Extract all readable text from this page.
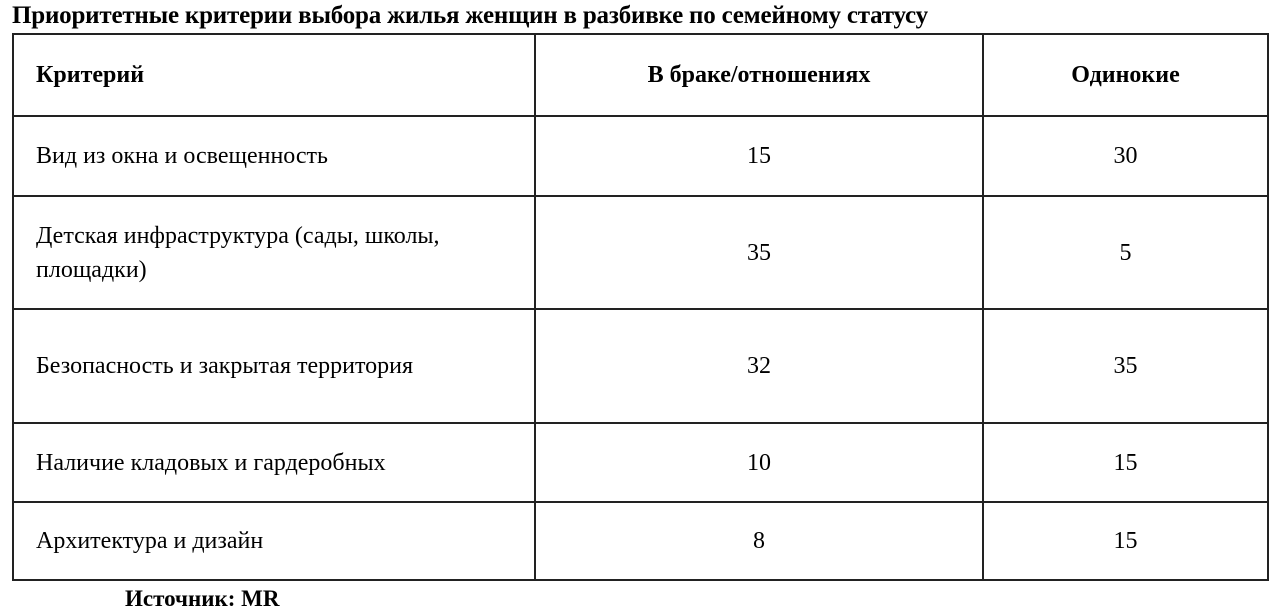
Приоритетные критерии выбора жилья женщин в разбивке по семейному статусу
Критерий	В браке/отношениях	Одинокие
Вид из окна и освещенность	15	30
Детская инфраструктура (сады, школы, площадки)	35	5
Безопасность и закрытая территория	32	35
Наличие кладовых и гардеробных	10	15
Архитектура и дизайн	8	15
Источник: MR
